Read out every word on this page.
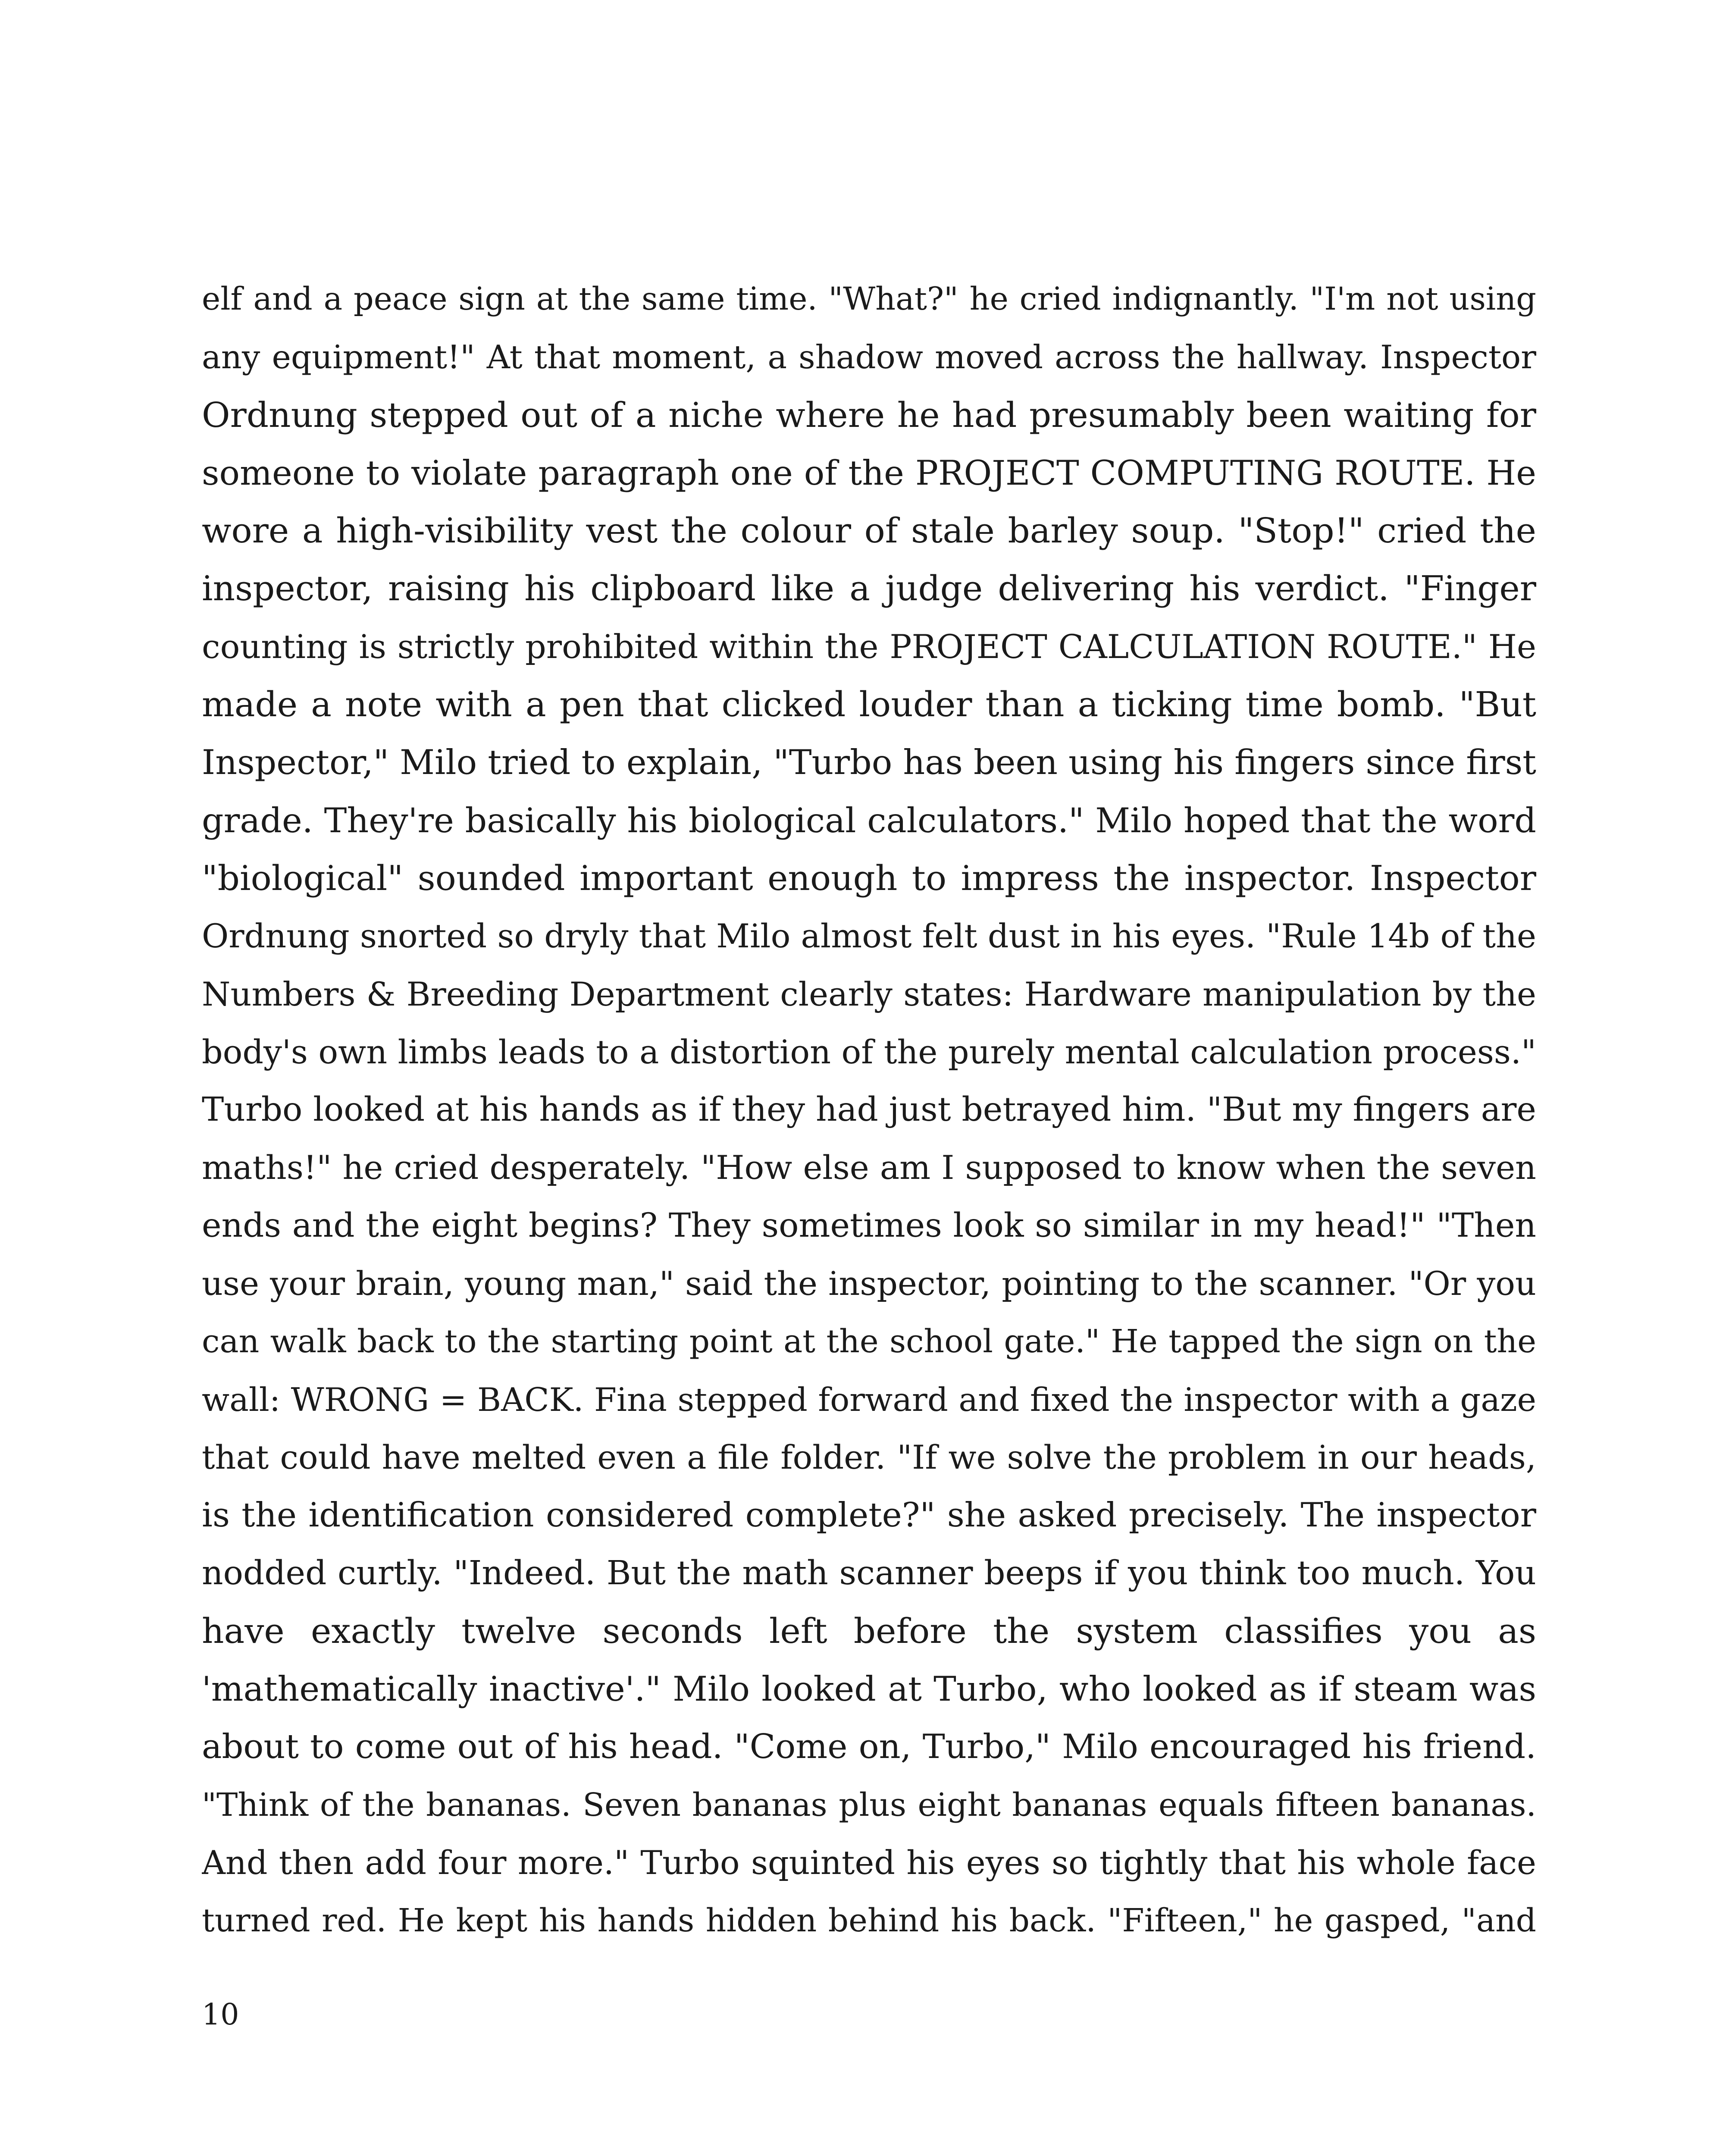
elf and a peace sign at the same time. "What?" he cried indignantly. "I'm not using
any equipment!" At that moment, a shadow moved across the hallway. Inspector
Ordnung stepped out of a niche where he had presumably been waiting for
someone to violate paragraph one of the PROJECT COMPUTING ROUTE. He
wore a high-visibility vest the colour of stale barley soup. "Stop!" cried the
inspector, raising his clipboard like a judge delivering his verdict. "Finger
counting is strictly prohibited within the PROJECT CALCULATION ROUTE." He
made a note with a pen that clicked louder than a ticking time bomb. "But
Inspector," Milo tried to explain, "Turbo has been using his fingers since first
grade. They're basically his biological calculators." Milo hoped that the word
"biological" sounded important enough to impress the inspector. Inspector
Ordnung snorted so dryly that Milo almost felt dust in his eyes. "Rule 14b of the
Numbers & Breeding Department clearly states: Hardware manipulation by the
body's own limbs leads to a distortion of the purely mental calculation process."
Turbo looked at his hands as if they had just betrayed him. "But my fingers are
maths!" he cried desperately. "How else am I supposed to know when the seven
ends and the eight begins? They sometimes look so similar in my head!" "Then
use your brain, young man," said the inspector, pointing to the scanner. "Or you
can walk back to the starting point at the school gate." He tapped the sign on the
wall: WRONG = BACK. Fina stepped forward and fixed the inspector with a gaze
that could have melted even a file folder. "If we solve the problem in our heads,
is the identification considered complete?" she asked precisely. The inspector
nodded curtly. "Indeed. But the math scanner beeps if you think too much. You
have exactly twelve seconds left before the system classifies you as
'mathematically inactive'." Milo looked at Turbo, who looked as if steam was
about to come out of his head. "Come on, Turbo," Milo encouraged his friend.
"Think of the bananas. Seven bananas plus eight bananas equals fifteen bananas.
And then add four more." Turbo squinted his eyes so tightly that his whole face
turned red. He kept his hands hidden behind his back. "Fifteen," he gasped, "and
10
